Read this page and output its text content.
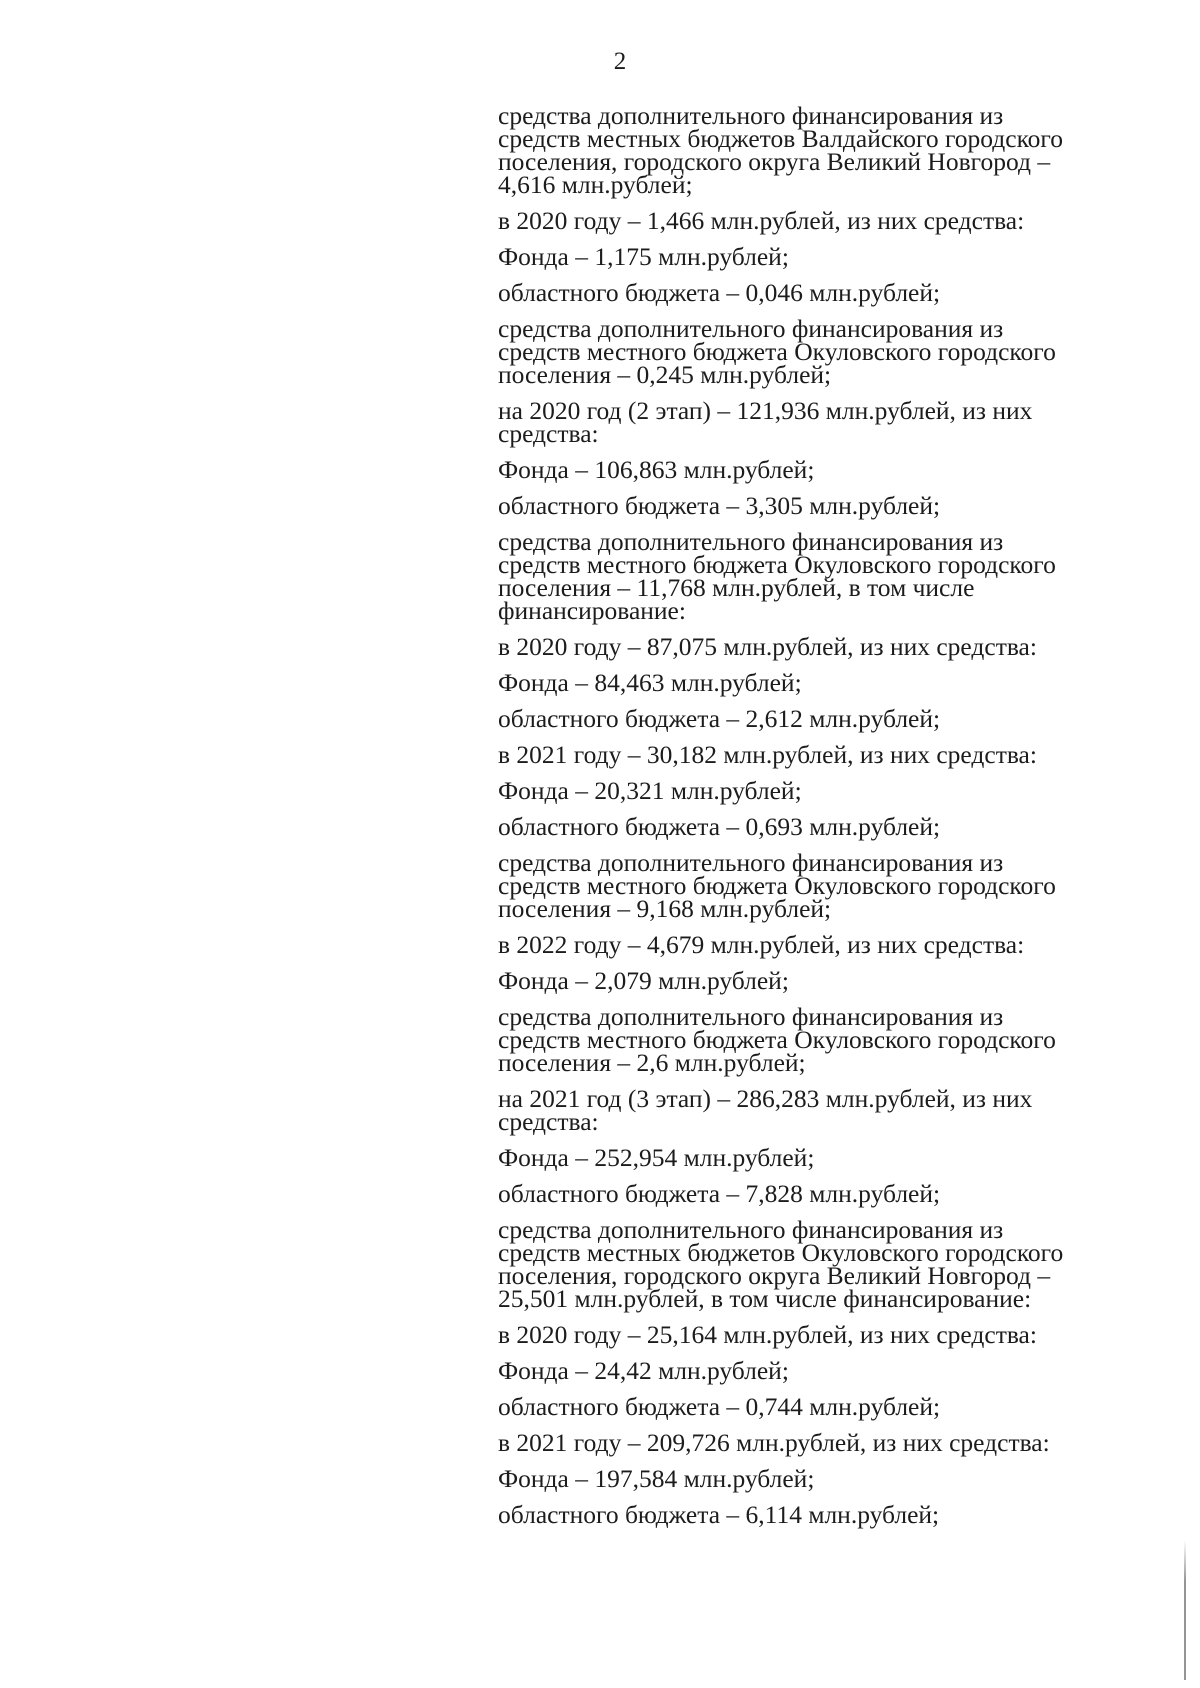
2
средства дополнительного финансирования из
средств местных бюджетов Валдайского городского
поселения, городского округа Великий Новгород –
4,616 млн.рублей;
в 2020 году – 1,466 млн.рублей, из них средства:
Фонда – 1,175 млн.рублей;
областного бюджета – 0,046 млн.рублей;
средства дополнительного финансирования из
средств местного бюджета Окуловского городского
поселения – 0,245 млн.рублей;
на 2020 год (2 этап) – 121,936 млн.рублей, из них
средства:
Фонда – 106,863 млн.рублей;
областного бюджета – 3,305 млн.рублей;
средства дополнительного финансирования из
средств местного бюджета Окуловского городского
поселения – 11,768 млн.рублей, в том числе
финансирование:
в 2020 году – 87,075 млн.рублей, из них средства:
Фонда – 84,463 млн.рублей;
областного бюджета – 2,612 млн.рублей;
в 2021 году – 30,182 млн.рублей, из них средства:
Фонда – 20,321 млн.рублей;
областного бюджета – 0,693 млн.рублей;
средства дополнительного финансирования из
средств местного бюджета Окуловского городского
поселения – 9,168 млн.рублей;
в 2022 году – 4,679 млн.рублей, из них средства:
Фонда – 2,079 млн.рублей;
средства дополнительного финансирования из
средств местного бюджета Окуловского городского
поселения – 2,6 млн.рублей;
на 2021 год (3 этап) – 286,283 млн.рублей, из них
средства:
Фонда – 252,954 млн.рублей;
областного бюджета – 7,828 млн.рублей;
средства дополнительного финансирования из
средств местных бюджетов Окуловского городского
поселения, городского округа Великий Новгород –
25,501 млн.рублей, в том числе финансирование:
в 2020 году – 25,164 млн.рублей, из них средства:
Фонда – 24,42 млн.рублей;
областного бюджета – 0,744 млн.рублей;
в 2021 году – 209,726 млн.рублей, из них средства:
Фонда – 197,584 млн.рублей;
областного бюджета – 6,114 млн.рублей;
